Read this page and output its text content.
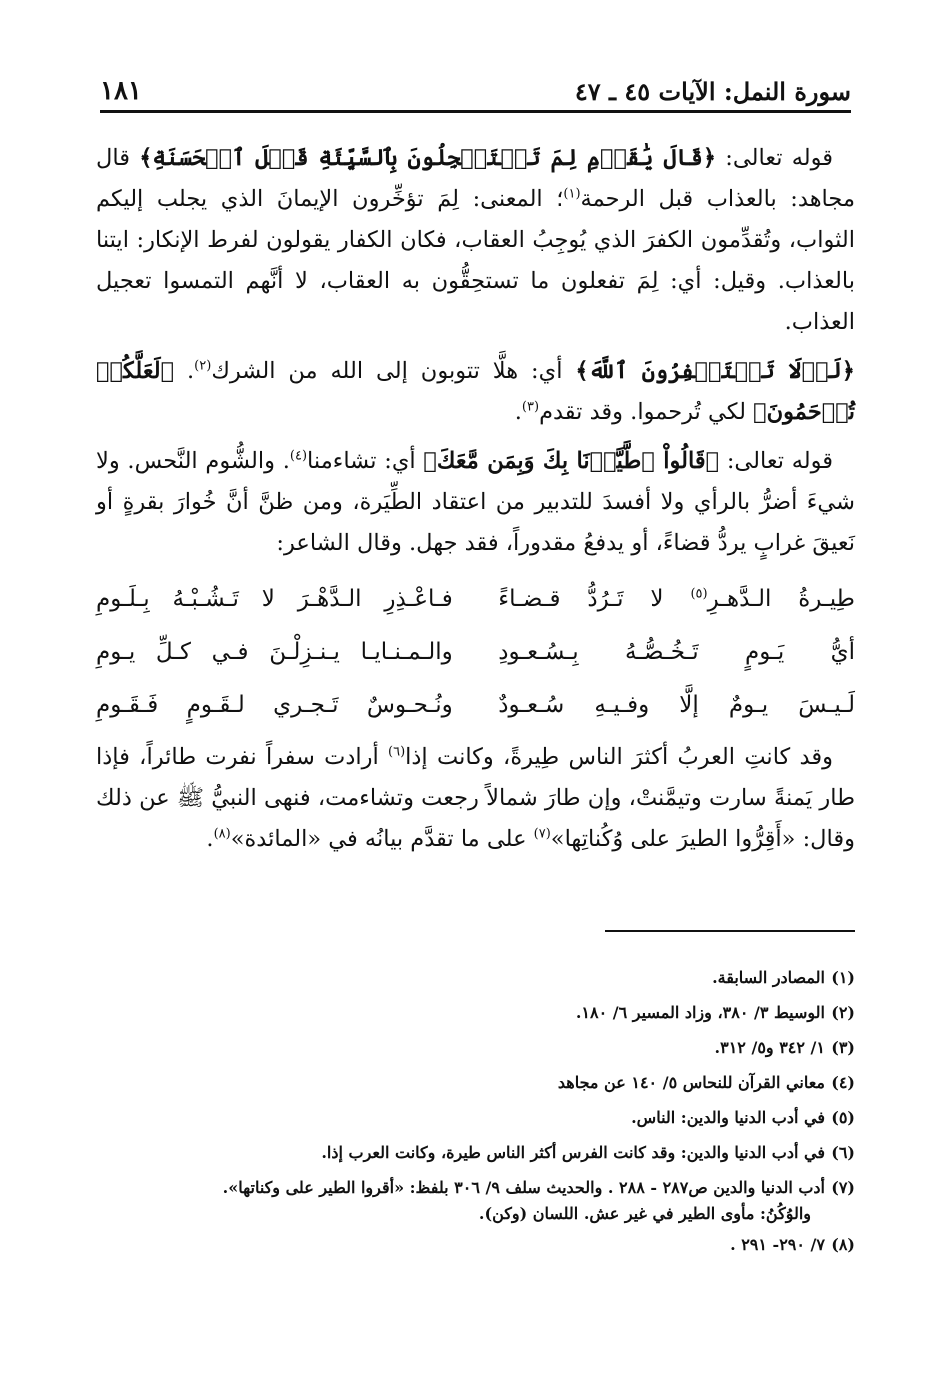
سورة النمل: الآيات ٤٥ ـ ٤٧
١٨١

قوله تعالى: ﴿قَالَ يَٰقَوۡمِ لِمَ تَسۡتَعۡجِلُونَ بِٱلسَّيِّئَةِ قَبۡلَ ٱلۡحَسَنَةِ﴾ قال مجاهد: بالعذاب قبل الرحمة$^{(١)}$؛ المعنى: لِمَ تؤخِّرون الإيمانَ الذي يجلب إليكم الثواب، وتُقدِّمون الكفرَ الذي يُوجِبُ العقاب، فكان الكفار يقولون لفرط الإنكار: ايتنا بالعذاب. وقيل: أي: لِمَ تفعلون ما تستحِقُّون به العقاب، لا أنَّهم التمسوا تعجيل العذاب.

﴿لَوۡلَا تَسۡتَغۡفِرُونَ ٱللَّهَ﴾ أي: هلَّا تتوبون إلى الله من الشرك$^{(٢)}$. ﴿لَعَلَّكُمۡ تُرۡحَمُونَ﴾ لكي تُرحموا. وقد تقدم$^{(٣)}$.

قوله تعالى: ﴿قَالُواْ ٱطَّيَّرۡنَا بِكَ وَبِمَن مَّعَكَ﴾ أي: تشاءمنا$^{(٤)}$. والشُّوم النَّحس. ولا شيءَ أضرُّ بالرأي ولا أفسدَ للتدبير من اعتقاد الطِّيَرة، ومن ظنَّ أنَّ خُوارَ بقرةٍ أو نَعيقَ غرابٍ يردُّ قضاءً، أو يدفعُ مقدوراً، فقد جهل. وقال الشاعر:

طِيـرةُ الـدَّهـرِ$^{(٥)}$ لا تَـرُدُّ قـضـاءً
فـاعْـذِرِ الـدَّهْـرَ لا تَـشُـبْـهُ بِـلَـومِ
أيُّ يَـومٍ تَـخُـصُّـهُ بِـسُـعـودِ
والـمـنـايـا يـنـزِلْـنَ فـي كـلِّ يـومِ
لَـيـسَ يـومٌ إلَّا وفـيـهِ سُـعـودٌ
ونُـحـوسٌ تَـجـري لـقَـومٍ فَـقَـومِ

وقد كانتِ العربُ أكثرَ الناس طِيرةً، وكانت إذا$^{(٦)}$ أرادت سفراً نفرت طائراً، فإذا طار يَمنةً سارت وتيمَّنتْ، وإن طارَ شمالاً رجعت وتشاءمت، فنهى النبيُّ ﷺ عن ذلك وقال: «أَقِرُّوا الطيرَ على وُكُناتِها»$^{(٧)}$ على ما تقدَّم بيانُه في «المائدة»$^{(٨)}$.

(١)المصادر السابقة.
(٢)الوسيط ٣/ ٣٨٠، وزاد المسير ٦/ ١٨٠.
(٣)١/ ٣٤٢ و٥/ ٣١٢.
(٤)معاني القرآن للنحاس ٥/ ١٤٠ عن مجاهد
(٥)في أدب الدنيا والدين: الناس.
(٦)في أدب الدنيا والدين: وقد كانت الفرس أكثر الناس طيرة، وكانت العرب إذا.
(٧)أدب الدنيا والدين ص٢٨٧ - ٢٨٨ . والحديث سلف ٩/ ٣٠٦ بلفظ: «أقروا الطير على وكناتها».
والوُكُنُ: مأوى الطير في غير عش. اللسان (وكن).
(٨)٧/ ٢٩٠- ٢٩١ .
